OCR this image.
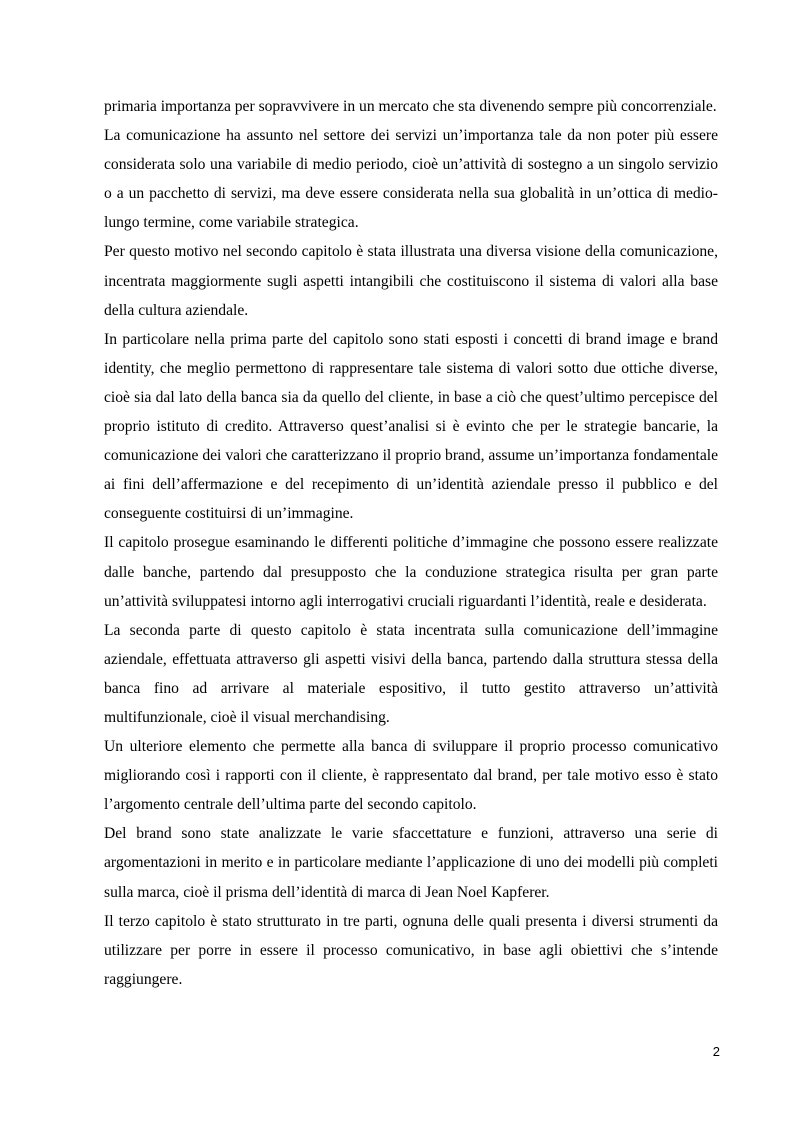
primaria importanza per sopravvivere in un mercato che sta divenendo sempre più concorrenziale.

La comunicazione ha assunto nel settore dei servizi un’importanza tale da non poter più essere considerata solo una variabile di medio periodo, cioè un’attività di sostegno a un singolo servizio o a un pacchetto di servizi, ma deve essere considerata nella sua globalità in un’ottica di medio-lungo termine, come variabile strategica.

Per questo motivo nel secondo capitolo è stata illustrata una diversa visione della comunicazione, incentrata maggiormente sugli aspetti intangibili che costituiscono il sistema di valori alla base della cultura aziendale.

In particolare nella prima parte del capitolo sono stati esposti i concetti di brand image e brand identity, che meglio permettono di rappresentare tale sistema di valori sotto due ottiche diverse, cioè sia dal lato della banca sia da quello del cliente, in base a ciò che quest’ultimo percepisce del proprio istituto di credito. Attraverso quest’analisi si è evinto che per le strategie bancarie, la comunicazione dei valori che caratterizzano il proprio brand, assume un’importanza fondamentale ai fini dell’affermazione e del recepimento di un’identità aziendale presso il pubblico e del conseguente costituirsi di un’immagine.

Il capitolo prosegue esaminando le differenti politiche d’immagine che possono essere realizzate dalle banche, partendo dal presupposto che la conduzione strategica risulta per gran parte un’attività sviluppatesi intorno agli interrogativi cruciali riguardanti l’identità, reale e desiderata.

La seconda parte di questo capitolo è stata incentrata sulla comunicazione dell’immagine aziendale, effettuata attraverso gli aspetti visivi della banca, partendo dalla struttura stessa della banca fino ad arrivare al materiale espositivo, il tutto gestito attraverso un’attività multifunzionale, cioè il visual merchandising.

Un ulteriore elemento che permette alla banca di sviluppare il proprio processo comunicativo migliorando così i rapporti con il cliente, è rappresentato dal brand, per tale motivo esso è stato l’argomento centrale dell’ultima parte del secondo capitolo.

Del brand sono state analizzate le varie sfaccettature e funzioni, attraverso una serie di argomentazioni in merito e in particolare mediante l’applicazione di uno dei modelli più completi sulla marca, cioè il prisma dell’identità di marca di Jean Noel Kapferer.

Il terzo capitolo è stato strutturato in tre parti, ognuna delle quali presenta i diversi strumenti da utilizzare per porre in essere il processo comunicativo, in base agli obiettivi che s’intende raggiungere.

2
